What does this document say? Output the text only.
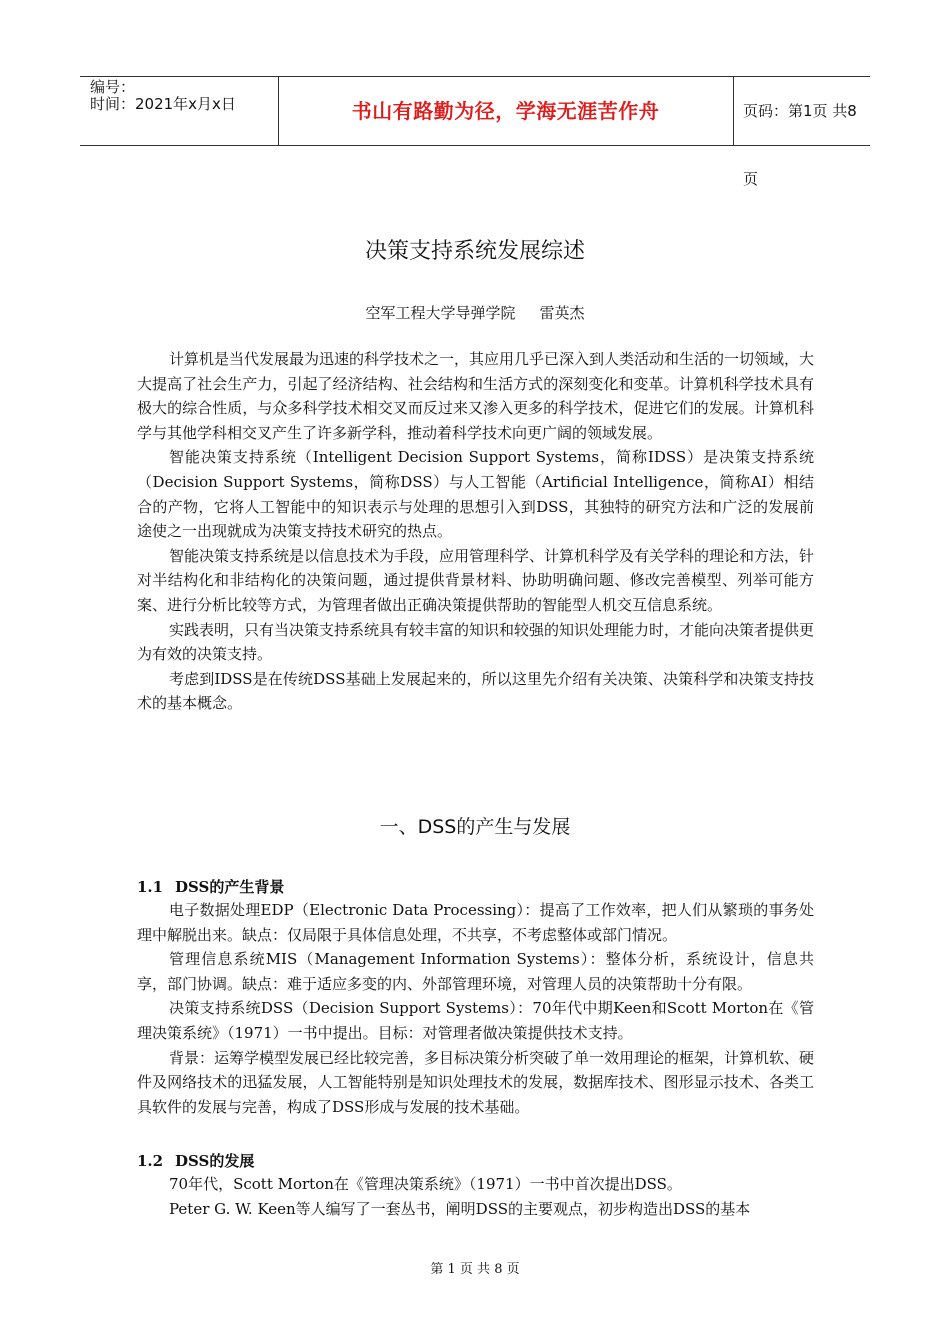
编号：
时间：2021年x月x日	书山有路勤为径，学海无涯苦作舟	页码：第1页 共8页
决策支持系统发展综述
空军工程大学导弹学院 雷英杰

计算机是当代发展最为迅速的科学技术之一，其应用几乎已深入到人类活动和生活的一切领域，大大提高了社会生产力，引起了经济结构、社会结构和生活方式的深刻变化和变革。计算机科学技术具有极大的综合性质，与众多科学技术相交叉而反过来又渗入更多的科学技术，促进它们的发展。计算机科学与其他学科相交叉产生了许多新学科，推动着科学技术向更广阔的领域发展。

智能决策支持系统（Intelligent Decision Support Systems，简称IDSS）是决策支持系统（Decision Support Systems，简称DSS）与人工智能（Artificial Intelligence，简称AI）相结合的产物，它将人工智能中的知识表示与处理的思想引入到DSS，其独特的研究方法和广泛的发展前途使之一出现就成为决策支持技术研究的热点。

智能决策支持系统是以信息技术为手段，应用管理科学、计算机科学及有关学科的理论和方法，针对半结构化和非结构化的决策问题，通过提供背景材料、协助明确问题、修改完善模型、列举可能方案、进行分析比较等方式，为管理者做出正确决策提供帮助的智能型人机交互信息系统。

实践表明，只有当决策支持系统具有较丰富的知识和较强的知识处理能力时，才能向决策者提供更为有效的决策支持。

考虑到IDSS是在传统DSS基础上发展起来的，所以这里先介绍有关决策、决策科学和决策支持技术的基本概念。

一、DSS的产生与发展
1.1 DSS的产生背景

电子数据处理EDP（Electronic Data Processing）：提高了工作效率，把人们从繁琐的事务处理中解脱出来。缺点：仅局限于具体信息处理，不共享，不考虑整体或部门情况。

管理信息系统MIS（Management Information Systems）：整体分析，系统设计，信息共享，部门协调。缺点：难于适应多变的内、外部管理环境，对管理人员的决策帮助十分有限。

决策支持系统DSS（Decision Support Systems）：70年代中期Keen和Scott Morton在《管理决策系统》（1971）一书中提出。目标：对管理者做决策提供技术支持。

背景：运筹学模型发展已经比较完善，多目标决策分析突破了单一效用理论的框架，计算机软、硬件及网络技术的迅猛发展，人工智能特别是知识处理技术的发展，数据库技术、图形显示技术、各类工具软件的发展与完善，构成了DSS形成与发展的技术基础。

1.2 DSS的发展

70年代，Scott Morton在《管理决策系统》（1971）一书中首次提出DSS。

Peter G. W. Keen等人编写了一套丛书，阐明DSS的主要观点，初步构造出DSS的基本

第 1 页 共 8 页
